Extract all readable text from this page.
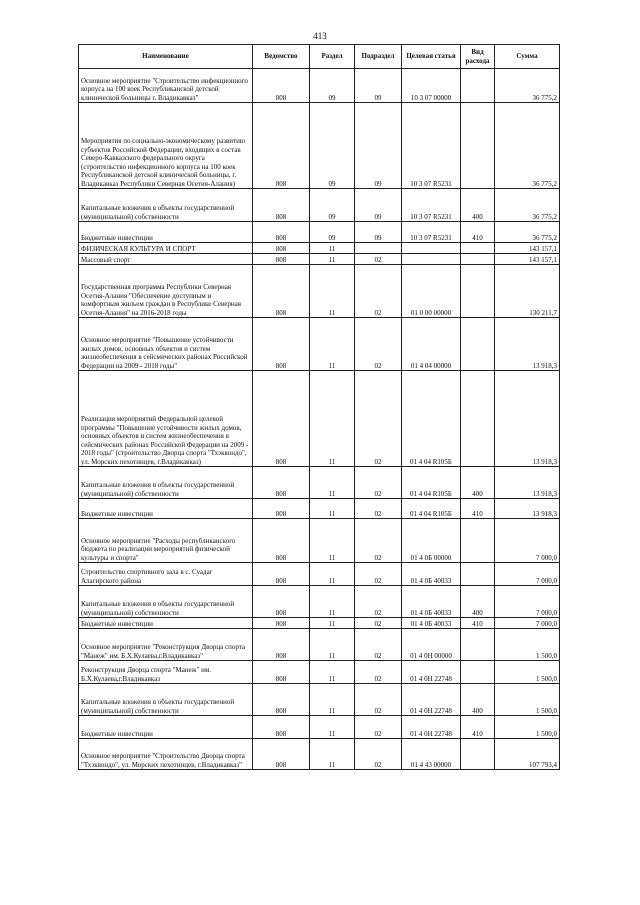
413
Наименование	Ведомство	Раздел	Подраздел	Целевая статья	Вид расхода	Сумма
Основное мероприятие "Строительство инфекционного корпуса на 100 коек Республиканской детской клинической больницы г. Владикавказ"	808	09	09	10 3 07 00000		36 775,2
Мероприятия по социально-экономическому развитию субъектов Российской Федерации, входящих в состав Северо-Кавказского федерального округа (строительство инфекционного корпуса на 100 коек Республиканской детской клинической больницы, г. Владикавказ Республики Северная Осетия-Алания)	808	09	09	10 3 07 R5231		36 775,2
Капитальные вложения в объекты государственной (муниципальной) собственности	808	09	09	10 3 07 R5231	400	36 775,2
Бюджетные инвестиции	808	09	09	10 3 07 R5231	410	36 775,2
ФИЗИЧЕСКАЯ КУЛЬТУРА И СПОРТ	808	11				143 157,1
Массовый спорт	808	11	02			143 157,1
Государственная программа Республики Северная Осетия-Алания "Обеспечение доступным и комфортным жильем граждан в Республике Северная Осетия-Алания" на 2016-2018 годы	808	11	02	01 0 00 00000		130 211,7
Основное мероприятие "Повышение устойчивости жилых домов, основных объектов и систем жизнеобеспечения в сейсмических районах Российской Федерации на 2009 - 2018 годы"	808	11	02	01 4 04 00000		13 918,3
Реализация мероприятий Федеральной целевой программы "Повышение устойчивости жилых домов, основных объектов и систем жизнеобеспечения в сейсмических районах Российской Федерации на 2009 - 2018 годы" (строительство Дворца спорта "Тхэквондо", ул. Морских пехотинцев, г.Владикавказ)	808	11	02	01 4 04 R105Б		13 918,3
Капитальные вложения в объекты государственной (муниципальной) собственности	808	11	02	01 4 04 R105Б	400	13 918,3
Бюджетные инвестиции	808	11	02	01 4 04 R105Б	410	13 918,3
Основное мероприятие "Расходы республиканского бюджета по реализации мероприятий физической культуры и спорта"	808	11	02	01 4 0Б 00000		7 000,0
Строительство спортивного зала в с. Суадаг Алагирского района	808	11	02	01 4 0Б 40033		7 000,0
Капитальные вложения в объекты государственной (муниципальной) собственности	808	11	02	01 4 0Б 40033	400	7 000,0
Бюджетные инвестиции	808	11	02	01 4 0Б 40033	410	7 000,0
Основное мероприятие "Реконструкция Дворца спорта "Манеж" им. Б.Х.Кулаева,г.Владикавказ"	808	11	02	01 4 0Н 00000		1 500,0
Реконструкция Дворца спорта "Манеж" им. Б.Х.Кулаева,г.Владикавказ	808	11	02	01 4 0Н 22748		1 500,0
Капитальные вложения в объекты государственной (муниципальной) собственности	808	11	02	01 4 0Н 22748	400	1 500,0
Бюджетные инвестиции	808	11	02	01 4 0Н 22748	410	1 500,0
Основное мероприятие "Строительство Дворца спорта "Тхэквондо", ул. Морских пехотинцев, г.Владикавказ"	808	11	02	01 4 43 00000		107 793,4
